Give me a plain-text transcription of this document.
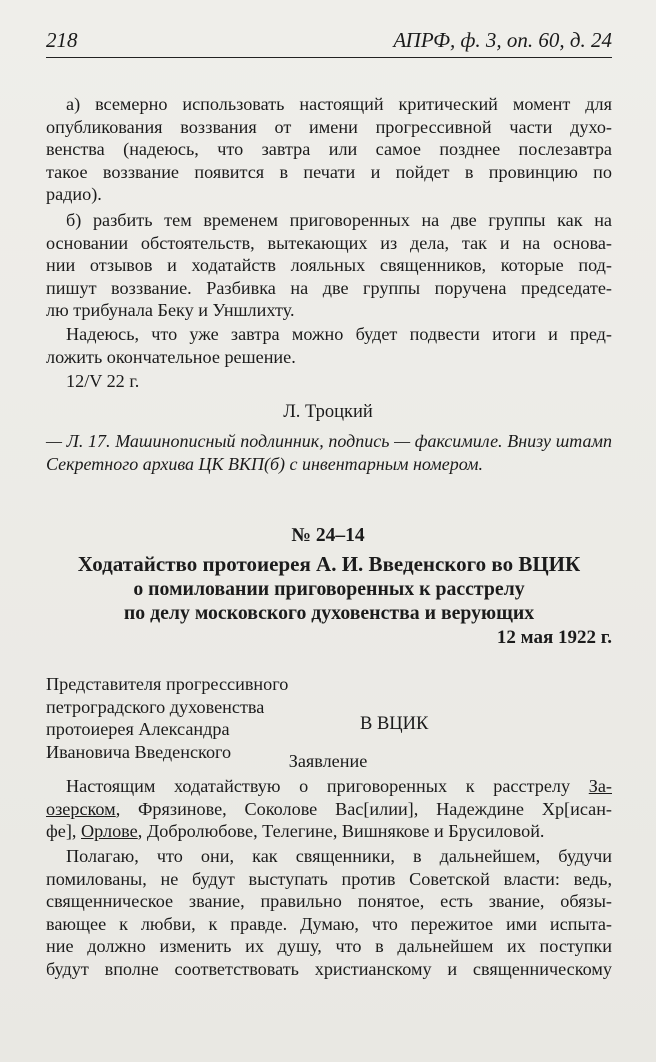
218	АПРФ, ф. 3, оп. 60, д. 24
а) всемерно использовать настоящий критический момент для
опубликования воззвания от имени прогрессивной части духо-
венства (надеюсь, что завтра или самое позднее послезавтра
такое воззвание появится в печати и пойдет в провинцию по
радио).
б) разбить тем временем приговоренных на две группы как на
основании обстоятельств, вытекающих из дела, так и на основа-
нии отзывов и ходатайств лояльных священников, которые под-
пишут воззвание. Разбивка на две группы поручена председате-
лю трибунала Беку и Уншлихту.
Надеюсь, что уже завтра можно будет подвести итоги и пред-
ложить окончательное решение.
12/V 22 г.
Л. Троцкий
— Л. 17. Машинописный подлинник, подпись — факсимиле. Внизу штамп Секретного архива ЦК ВКП(б) с инвентарным номером.
№ 24–14
Ходатайство протоиерея А. И. Введенского во ВЦИК
о помиловании приговоренных к расстрелу
по делу московского духовенства и верующих
12 мая 1922 г.
Представителя прогрессивного
петроградского духовенства
протоиерея Александра
Ивановича Введенского
В ВЦИК
Заявление
Настоящим ходатайствую о приговоренных к расстрелу За-
озерском, Фрязинове, Соколове Вас[илии], Надеждине Хр[исан-
фе], Орлове, Добролюбове, Телегине, Вишнякове и Брусиловой.
Полагаю, что они, как священники, в дальнейшем, будучи
помилованы, не будут выступать против Советской власти: ведь,
священническое звание, правильно понятое, есть звание, обязы-
вающее к любви, к правде. Думаю, что пережитое ими испыта-
ние должно изменить их душу, что в дальнейшем их поступки
будут вполне соответствовать христианскому и священническому
